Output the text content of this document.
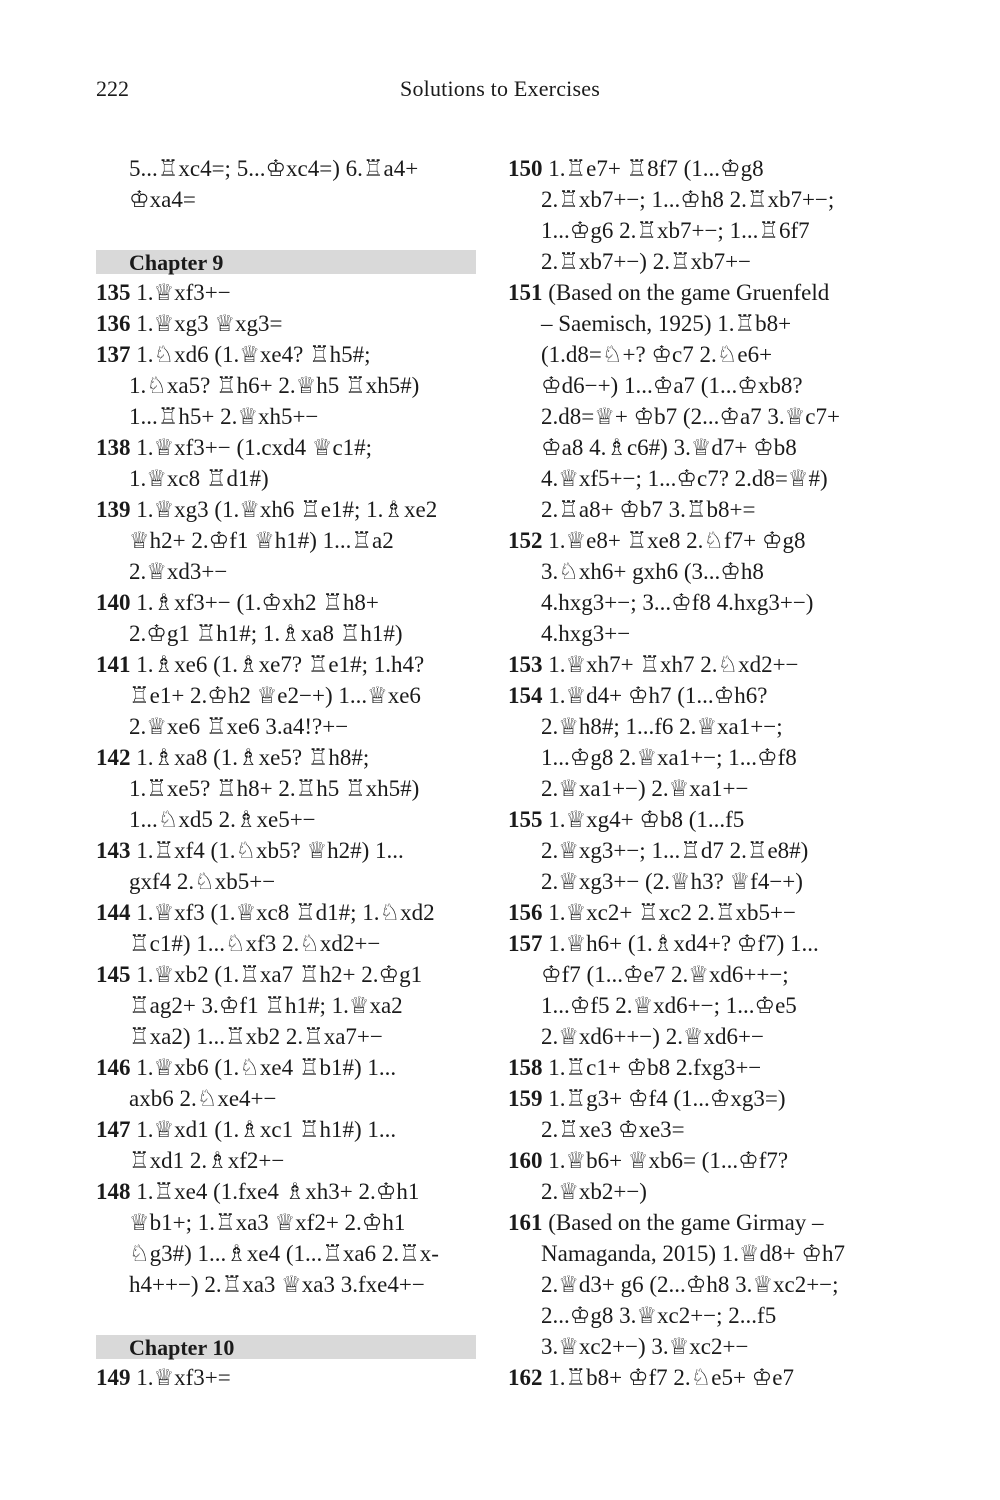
222	Solutions to Exercises
5...♖xc4=; 5...♔xc4=) 6.♖a4+
♔xa4=
Chapter 9
135 1.♕xf3+−
136 1.♕xg3 ♕xg3=
137 1.♘xd6 (1.♕xe4? ♖h5#;
1.♘xa5? ♖h6+ 2.♕h5 ♖xh5#)
1...♖h5+ 2.♕xh5+−
138 1.♕xf3+− (1.cxd4 ♕c1#;
1.♕xc8 ♖d1#)
139 1.♕xg3 (1.♕xh6 ♖e1#; 1.♗xe2
♕h2+ 2.♔f1 ♕h1#) 1...♖a2
2.♕xd3+−
140 1.♗xf3+− (1.♔xh2 ♖h8+
2.♔g1 ♖h1#; 1.♗xa8 ♖h1#)
141 1.♗xe6 (1.♗xe7? ♖e1#; 1.h4?
♖e1+ 2.♔h2 ♕e2−+) 1...♕xe6
2.♕xe6 ♖xe6 3.a4!?+−
142 1.♗xa8 (1.♗xe5? ♖h8#;
1.♖xe5? ♖h8+ 2.♖h5 ♖xh5#)
1...♘xd5 2.♗xe5+−
143 1.♖xf4 (1.♘xb5? ♕h2#) 1...
gxf4 2.♘xb5+−
144 1.♕xf3 (1.♕xc8 ♖d1#; 1.♘xd2
♖c1#) 1...♘xf3 2.♘xd2+−
145 1.♕xb2 (1.♖xa7 ♖h2+ 2.♔g1
♖ag2+ 3.♔f1 ♖h1#; 1.♕xa2
♖xa2) 1...♖xb2 2.♖xa7+−
146 1.♕xb6 (1.♘xe4 ♖b1#) 1...
axb6 2.♘xe4+−
147 1.♕xd1 (1.♗xc1 ♖h1#) 1...
♖xd1 2.♗xf2+−
148 1.♖xe4 (1.fxe4 ♗xh3+ 2.♔h1
♕b1+; 1.♖xa3 ♕xf2+ 2.♔h1
♘g3#) 1...♗xe4 (1...♖xa6 2.♖x-
h4++−) 2.♖xa3 ♕xa3 3.fxe4+−
Chapter 10
149 1.♕xf3+=
150 1.♖e7+ ♖8f7 (1...♔g8
2.♖xb7+−; 1...♔h8 2.♖xb7+−;
1...♔g6 2.♖xb7+−; 1...♖6f7
2.♖xb7+−) 2.♖xb7+−
151 (Based on the game Gruenfeld
– Saemisch, 1925) 1.♖b8+
(1.d8=♘+? ♔c7 2.♘e6+
♔d6−+) 1...♔a7 (1...♔xb8?
2.d8=♕+ ♔b7 (2...♔a7 3.♕c7+
♔a8 4.♗c6#) 3.♕d7+ ♔b8
4.♕xf5+−; 1...♔c7? 2.d8=♕#)
2.♖a8+ ♔b7 3.♖b8+=
152 1.♕e8+ ♖xe8 2.♘f7+ ♔g8
3.♘xh6+ gxh6 (3...♔h8
4.hxg3+−; 3...♔f8 4.hxg3+−)
4.hxg3+−
153 1.♕xh7+ ♖xh7 2.♘xd2+−
154 1.♕d4+ ♔h7 (1...♔h6?
2.♕h8#; 1...f6 2.♕xa1+−;
1...♔g8 2.♕xa1+−; 1...♔f8
2.♕xa1+−) 2.♕xa1+−
155 1.♕xg4+ ♔b8 (1...f5
2.♕xg3+−; 1...♖d7 2.♖e8#)
2.♕xg3+− (2.♕h3? ♕f4−+)
156 1.♕xc2+ ♖xc2 2.♖xb5+−
157 1.♕h6+ (1.♗xd4+? ♔f7) 1...
♔f7 (1...♔e7 2.♕xd6++−;
1...♔f5 2.♕xd6+−; 1...♔e5
2.♕xd6++−) 2.♕xd6+−
158 1.♖c1+ ♔b8 2.fxg3+−
159 1.♖g3+ ♔f4 (1...♔xg3=)
2.♖xe3 ♔xe3=
160 1.♕b6+ ♕xb6= (1...♔f7?
2.♕xb2+−)
161 (Based on the game Girmay –
Namaganda, 2015) 1.♕d8+ ♔h7
2.♕d3+ g6 (2...♔h8 3.♕xc2+−;
2...♔g8 3.♕xc2+−; 2...f5
3.♕xc2+−) 3.♕xc2+−
162 1.♖b8+ ♔f7 2.♘e5+ ♔e7
